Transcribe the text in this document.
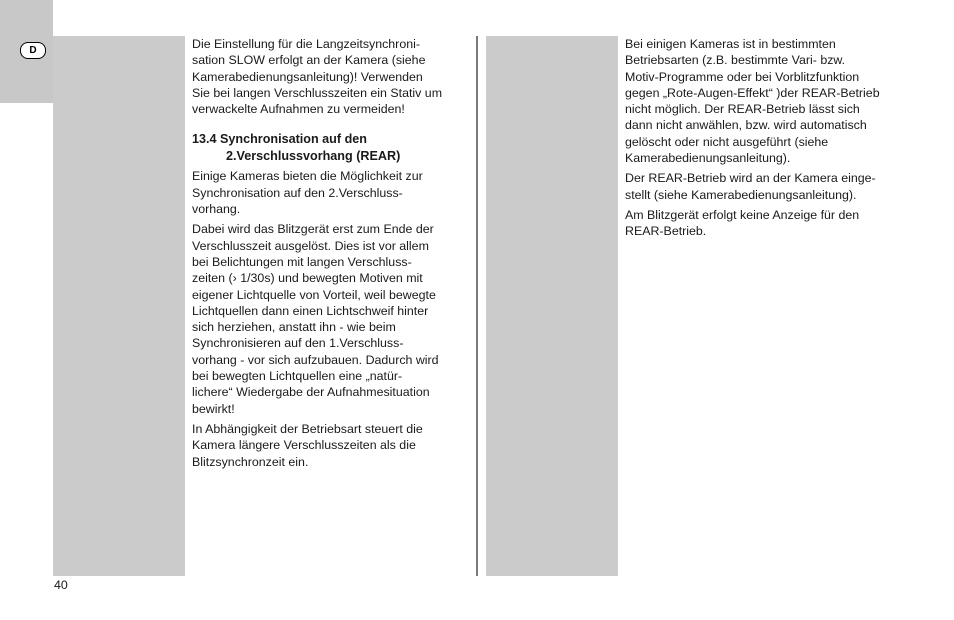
D	Die Einstellung für die Langzeitsynchroni-
sation SLOW erfolgt an der Kamera (siehe
Kamerabedienungsanleitung)! Verwenden
Sie bei langen Verschlusszeiten ein Stativ um
verwackelte Aufnahmen zu vermeiden!

13.4 Synchronisation auf den
2.Verschlussvorhang (REAR)

Einige Kameras bieten die Möglichkeit zur
Synchronisation auf den 2.Verschluss-
vorhang.

Dabei wird das Blitzgerät erst zum Ende der
Verschlusszeit ausgelöst. Dies ist vor allem
bei Belichtungen mit langen Verschluss-
zeiten (› 1/30s) und bewegten Motiven mit
eigener Lichtquelle von Vorteil, weil bewegte
Lichtquellen dann einen Lichtschweif hinter
sich herziehen, anstatt ihn - wie beim
Synchronisieren auf den 1.Verschluss-
vorhang - vor sich aufzubauen. Dadurch wird
bei bewegten Lichtquellen eine „natür-
lichere“ Wiedergabe der Aufnahmesituation
bewirkt!

In Abhängigkeit der Betriebsart steuert die
Kamera längere Verschlusszeiten als die
Blitzsynchronzeit ein.

Bei einigen Kameras ist in bestimmten
Betriebsarten (z.B. bestimmte Vari- bzw.
Motiv-Programme oder bei Vorblitzfunktion
gegen „Rote-Augen-Effekt“ )der REAR-Betrieb
nicht möglich. Der REAR-Betrieb lässt sich
dann nicht anwählen, bzw. wird automatisch
gelöscht oder nicht ausgeführt (siehe
Kamerabedienungsanleitung).

Der REAR-Betrieb wird an der Kamera einge-
stellt (siehe Kamerabedienungsanleitung).

Am Blitzgerät erfolgt keine Anzeige für den
REAR-Betrieb.

40
